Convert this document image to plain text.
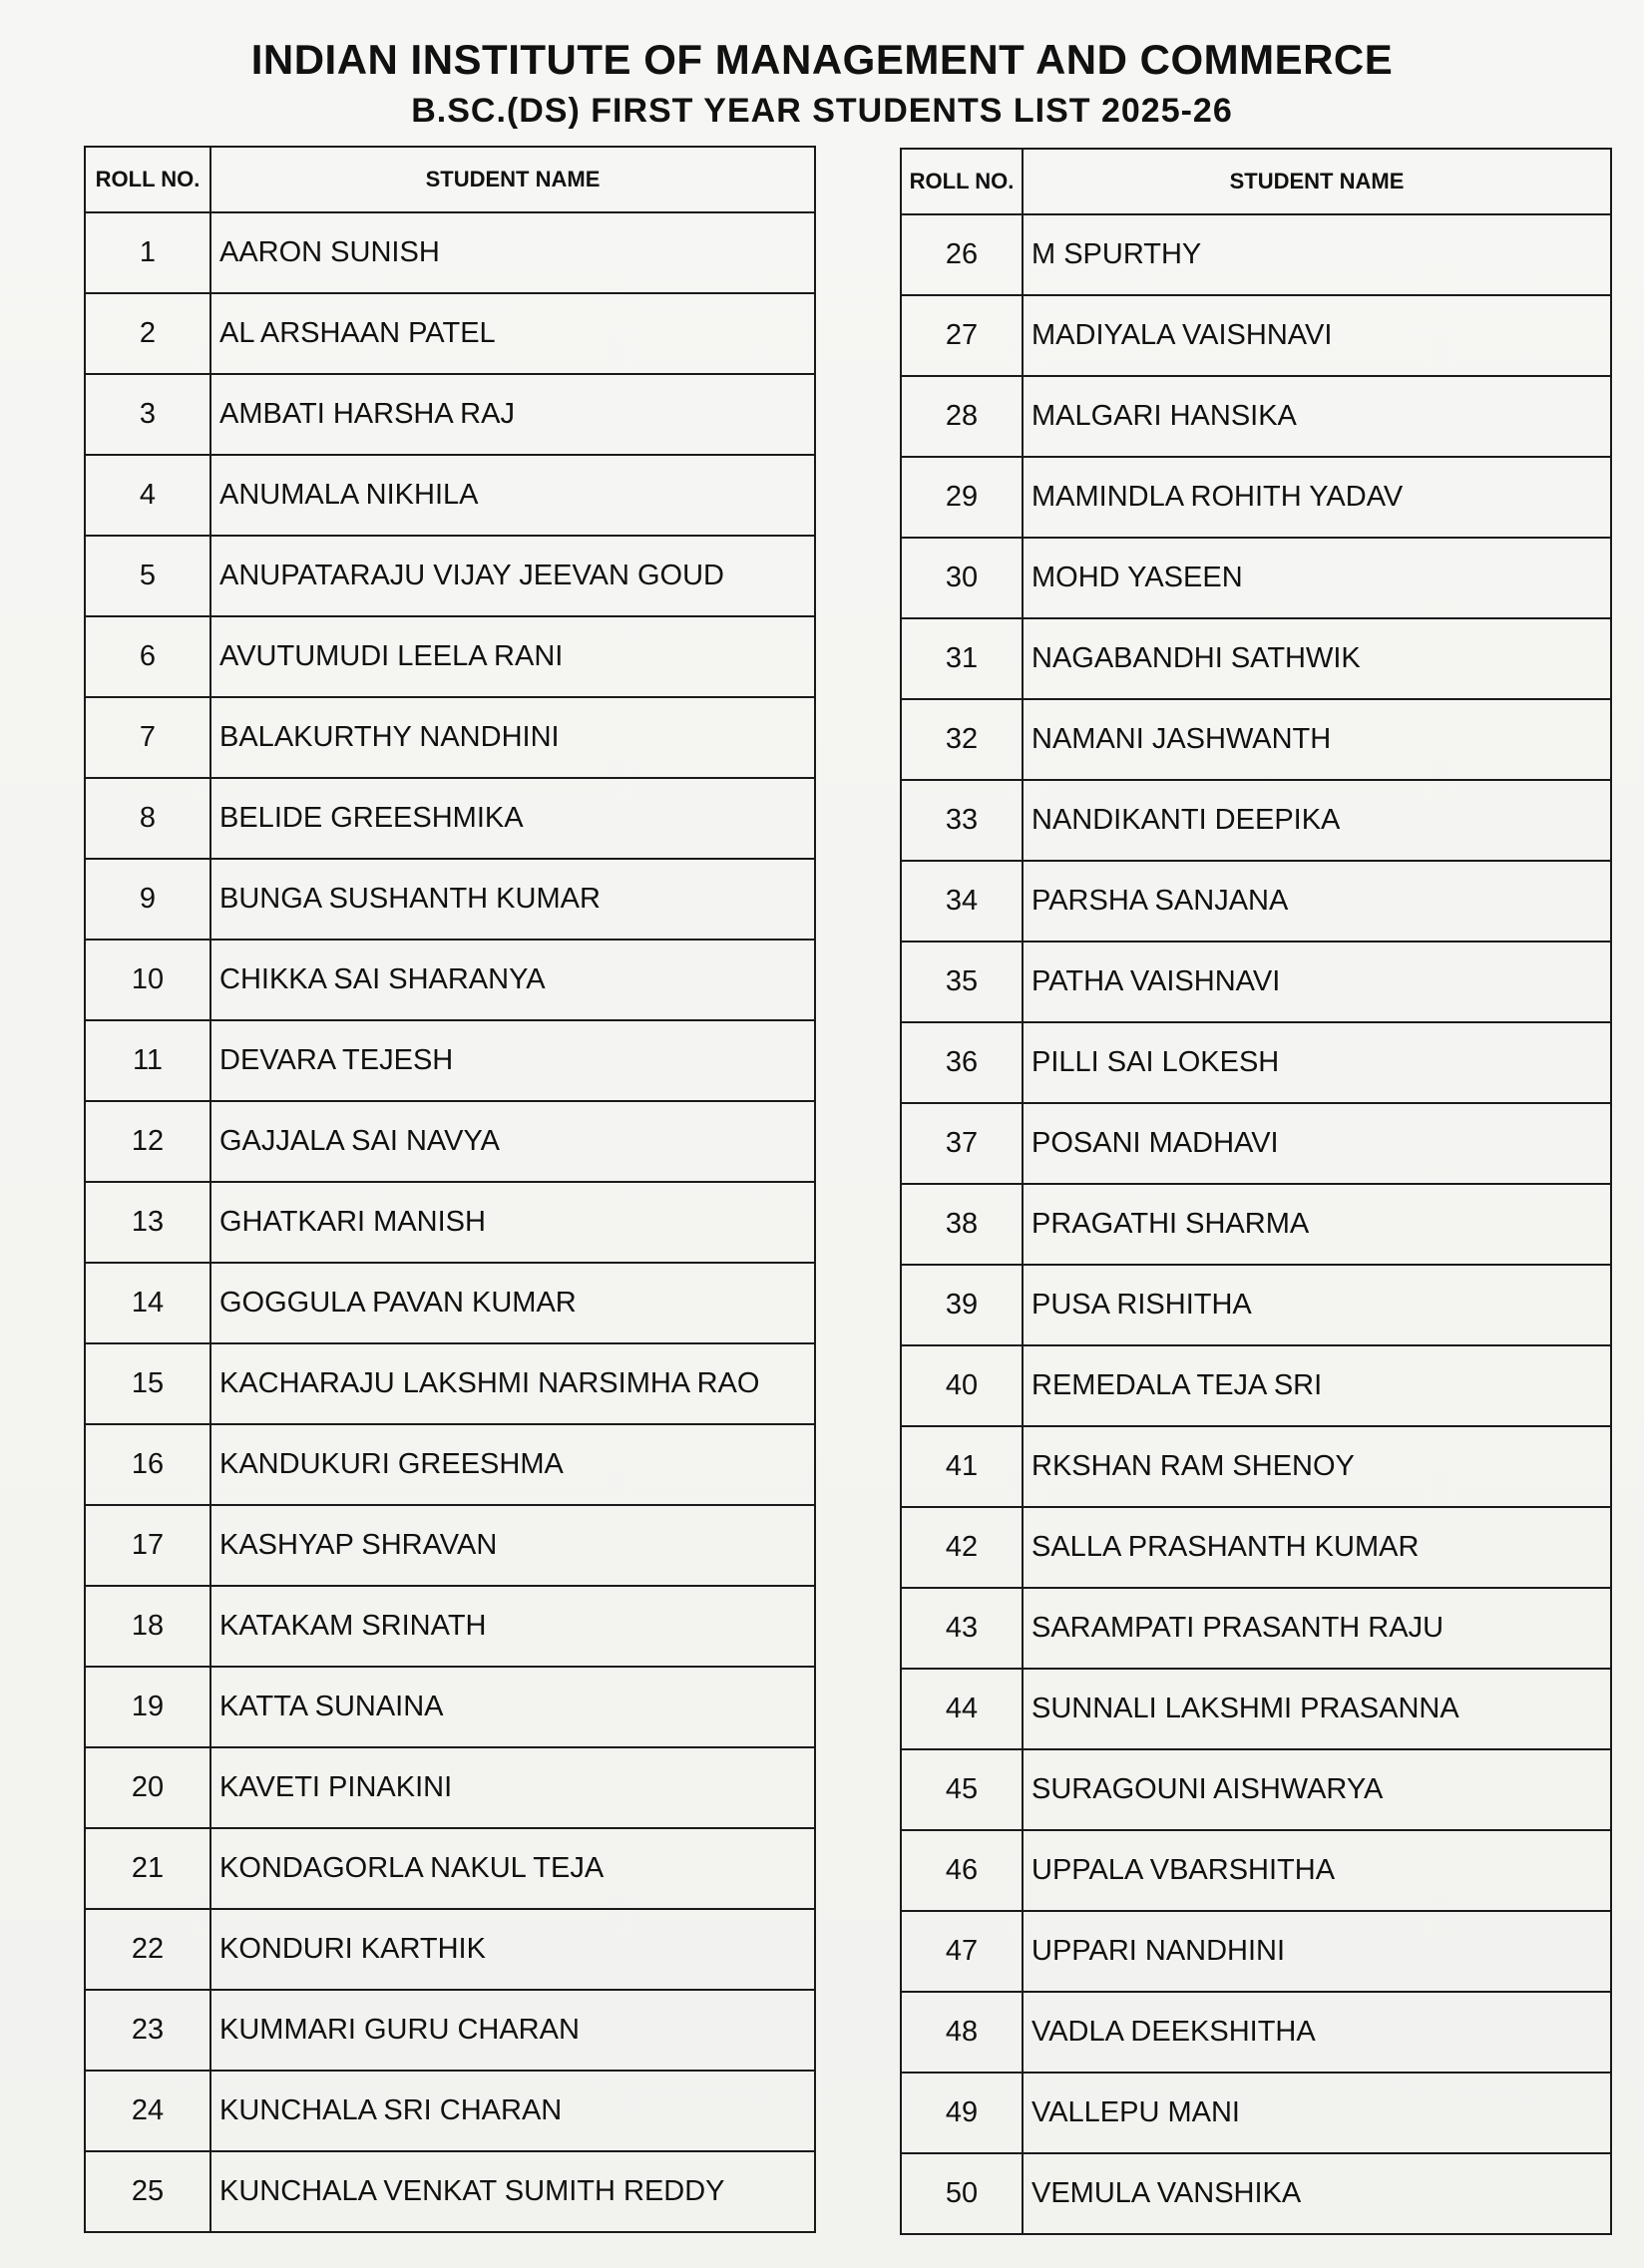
INDIAN INSTITUTE OF MANAGEMENT AND COMMERCE
B.SC.(DS) FIRST YEAR STUDENTS LIST 2025-26
ROLL NO.	STUDENT NAME
1	AARON SUNISH
2	AL ARSHAAN PATEL
3	AMBATI HARSHA RAJ
4	ANUMALA NIKHILA
5	ANUPATARAJU VIJAY JEEVAN GOUD
6	AVUTUMUDI LEELA RANI
7	BALAKURTHY NANDHINI
8	BELIDE GREESHMIKA
9	BUNGA SUSHANTH KUMAR
10	CHIKKA SAI SHARANYA
11	DEVARA TEJESH
12	GAJJALA SAI NAVYA
13	GHATKARI MANISH
14	GOGGULA PAVAN KUMAR
15	KACHARAJU LAKSHMI NARSIMHA RAO
16	KANDUKURI GREESHMA
17	KASHYAP SHRAVAN
18	KATAKAM SRINATH
19	KATTA SUNAINA
20	KAVETI PINAKINI
21	KONDAGORLA NAKUL TEJA
22	KONDURI KARTHIK
23	KUMMARI GURU CHARAN
24	KUNCHALA SRI CHARAN
25	KUNCHALA VENKAT SUMITH REDDY
ROLL NO.	STUDENT NAME
26	M SPURTHY
27	MADIYALA VAISHNAVI
28	MALGARI HANSIKA
29	MAMINDLA ROHITH YADAV
30	MOHD YASEEN
31	NAGABANDHI SATHWIK
32	NAMANI JASHWANTH
33	NANDIKANTI DEEPIKA
34	PARSHA SANJANA
35	PATHA VAISHNAVI
36	PILLI SAI LOKESH
37	POSANI MADHAVI
38	PRAGATHI SHARMA
39	PUSA RISHITHA
40	REMEDALA TEJA SRI
41	RKSHAN RAM SHENOY
42	SALLA PRASHANTH KUMAR
43	SARAMPATI PRASANTH RAJU
44	SUNNALI LAKSHMI PRASANNA
45	SURAGOUNI AISHWARYA
46	UPPALA VBARSHITHA
47	UPPARI NANDHINI
48	VADLA DEEKSHITHA
49	VALLEPU MANI
50	VEMULA VANSHIKA
